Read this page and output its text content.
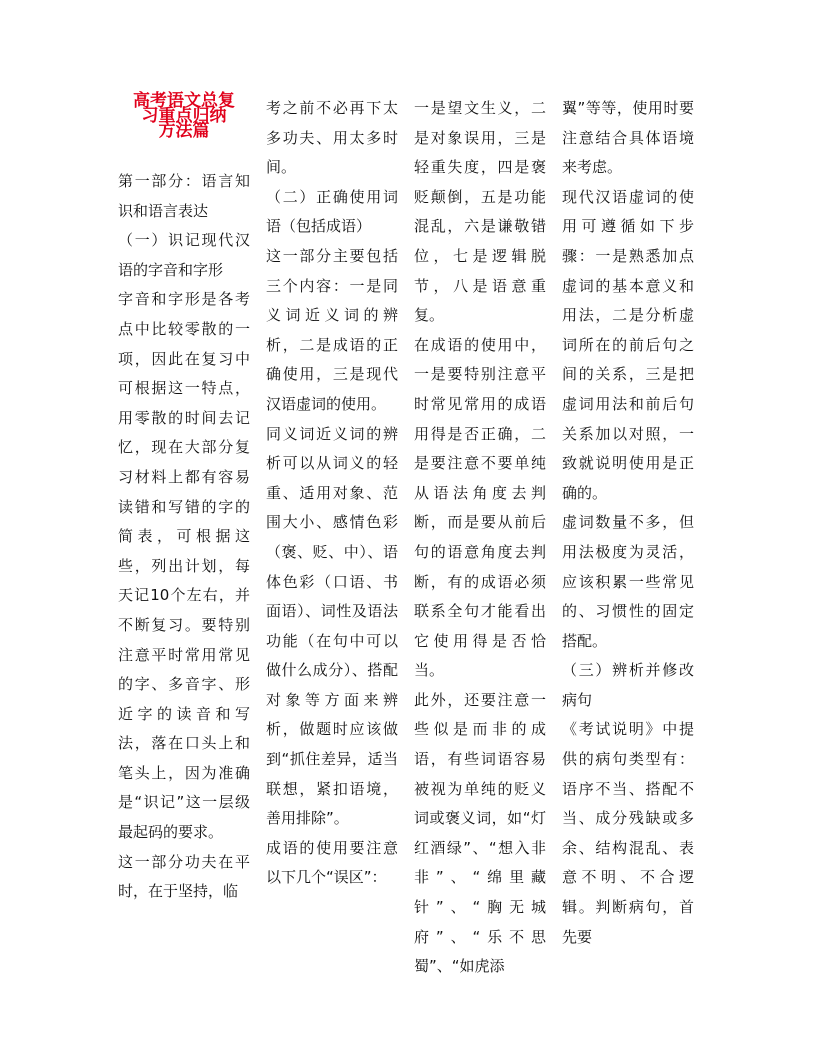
高考语文总复
习重点归纳
方法篇

第一部分：语言知识和语言表达

（一）识记现代汉语的字音和字形

字音和字形是各考点中比较零散的一项，因此在复习中可根据这一特点，用零散的时间去记忆，现在大部分复习材料上都有容易读错和写错的字的简表，可根据这些，列出计划，每天记10个左右，并不断复习。要特别注意平时常用常见的字、多音字、形近字的读音和写法，落在口头上和笔头上，因为准确是“识记”这一层级最起码的要求。

这一部分功夫在平时，在于坚持，临

考之前不必再下太多功夫、用太多时间。

（二）正确使用词语（包括成语）

这一部分主要包括三个内容：一是同义词近义词的辨析，二是成语的正确使用，三是现代汉语虚词的使用。

同义词近义词的辨析可以从词义的轻重、适用对象、范围大小、感情色彩（褒、贬、中）、语体色彩（口语、书面语）、词性及语法功能（在句中可以做什么成分）、搭配对象等方面来辨析，做题时应该做到“抓住差异，适当联想，紧扣语境，善用排除”。

成语的使用要注意以下几个“误区”：

一是望文生义，二是对象误用，三是轻重失度，四是褒贬颠倒，五是功能混乱，六是谦敬错位，七是逻辑脱节，八是语意重复。

在成语的使用中，一是要特别注意平时常见常用的成语用得是否正确，二是要注意不要单纯从语法角度去判断，而是要从前后句的语意角度去判断，有的成语必须联系全句才能看出它使用得是否恰当。

此外，还要注意一些似是而非的成语，有些词语容易被视为单纯的贬义词或褒义词，如“灯红酒绿”、“想入非非”、“绵里藏针”、“胸无城府”、“乐不思蜀”、“如虎添

翼”等等，使用时要注意结合具体语境来考虑。

现代汉语虚词的使用可遵循如下步骤：一是熟悉加点虚词的基本意义和用法，二是分析虚词所在的前后句之间的关系，三是把虚词用法和前后句关系加以对照，一致就说明使用是正确的。

虚词数量不多，但用法极度为灵活，应该积累一些常见的、习惯性的固定搭配。

（三）辨析并修改病句

《考试说明》中提供的病句类型有：语序不当、搭配不当、成分残缺或多余、结构混乱、表意不明、不合逻辑。判断病句，首先要
